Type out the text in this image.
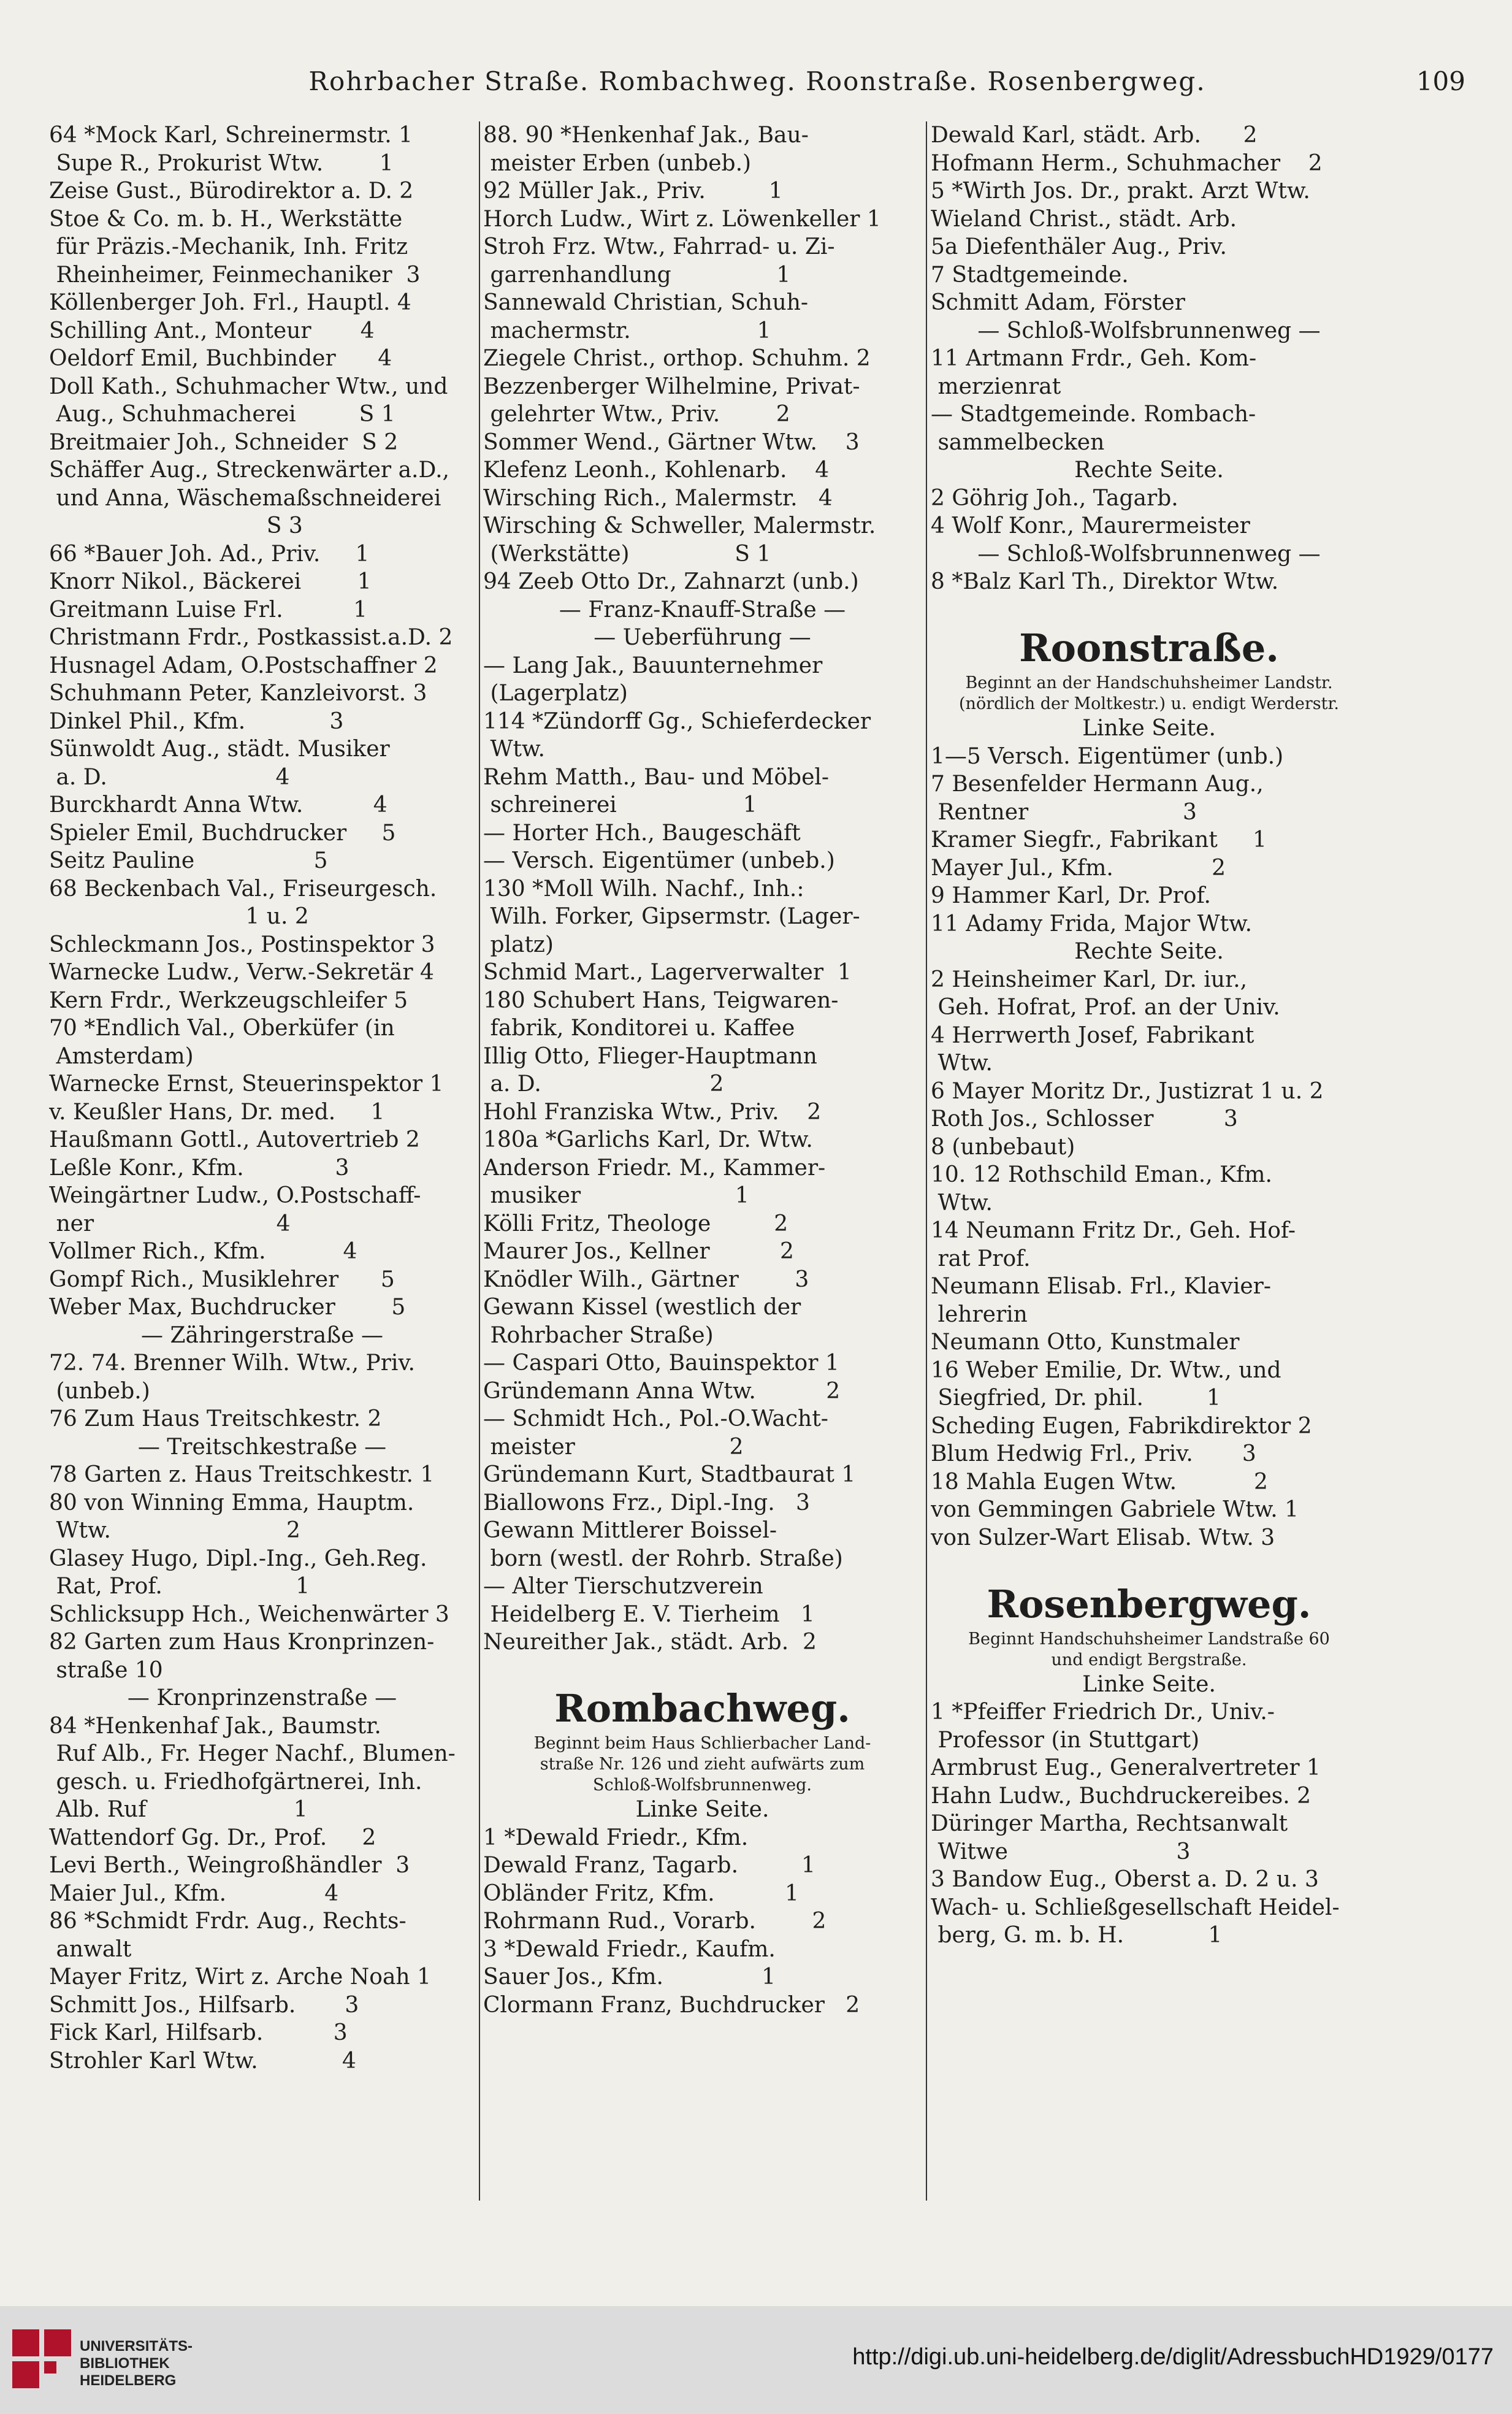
Rohrbacher Straße. Rombachweg. Roonstraße. Rosenbergweg.	109
64 *Mock Karl, Schreinermstr. 1
Supe R., Prokurist Wtw.        1
Zeise Gust., Bürodirektor a. D. 2
Stoe & Co. m. b. H., Werkstätte
für Präzis.-Mechanik, Inh. Fritz
Rheinheimer, Feinmechaniker  3
Köllenberger Joh. Frl., Hauptl. 4
Schilling Ant., Monteur       4
Oeldorf Emil, Buchbinder      4
Doll Kath., Schuhmacher Wtw., und
Aug., Schuhmacherei         S 1
Breitmaier Joh., Schneider  S 2
Schäffer Aug., Streckenwärter a.D.,
und Anna, Wäschemaßschneiderei
S 3
66 *Bauer Joh. Ad., Priv.     1
Knorr Nikol., Bäckerei        1
Greitmann Luise Frl.          1
Christmann Frdr., Postkassist.a.D. 2
Husnagel Adam, O.Postschaffner 2
Schuhmann Peter, Kanzleivorst. 3
Dinkel Phil., Kfm.            3
Sünwoldt Aug., städt. Musiker
a. D.                        4
Burckhardt Anna Wtw.          4
Spieler Emil, Buchdrucker     5
Seitz Pauline                 5
68 Beckenbach Val., Friseurgesch.
1 u. 2
Schleckmann Jos., Postinspektor 3
Warnecke Ludw., Verw.-Sekretär 4
Kern Frdr., Werkzeugschleifer 5
70 *Endlich Val., Oberküfer (in
Amsterdam)
Warnecke Ernst, Steuerinspektor 1
v. Keußler Hans, Dr. med.     1
Haußmann Gottl., Autovertrieb 2
Leßle Konr., Kfm.             3
Weingärtner Ludw., O.Postschaff-
ner                          4
Vollmer Rich., Kfm.           4
Gompf Rich., Musiklehrer      5
Weber Max, Buchdrucker        5
— Zähringerstraße —
72. 74. Brenner Wilh. Wtw., Priv.
(unbeb.)
76 Zum Haus Treitschkestr. 2
— Treitschkestraße —
78 Garten z. Haus Treitschkestr. 1
80 von Winning Emma, Hauptm.
Wtw.                         2
Glasey Hugo, Dipl.-Ing., Geh.Reg.
Rat, Prof.                   1
Schlicksupp Hch., Weichenwärter 3
82 Garten zum Haus Kronprinzen-
straße 10
— Kronprinzenstraße —
84 *Henkenhaf Jak., Baumstr.
Ruf Alb., Fr. Heger Nachf., Blumen-
gesch. u. Friedhofgärtnerei, Inh.
Alb. Ruf                     1
Wattendorf Gg. Dr., Prof.     2
Levi Berth., Weingroßhändler  3
Maier Jul., Kfm.              4
86 *Schmidt Frdr. Aug., Rechts-
anwalt
Mayer Fritz, Wirt z. Arche Noah 1
Schmitt Jos., Hilfsarb.       3
Fick Karl, Hilfsarb.          3
Strohler Karl Wtw.            4
88. 90 *Henkenhaf Jak., Bau-
meister Erben (unbeb.)
92 Müller Jak., Priv.         1
Horch Ludw., Wirt z. Löwenkeller 1
Stroh Frz. Wtw., Fahrrad- u. Zi-
garrenhandlung               1
Sannewald Christian, Schuh-
machermstr.                  1
Ziegele Christ., orthop. Schuhm. 2
Bezzenberger Wilhelmine, Privat-
gelehrter Wtw., Priv.        2
Sommer Wend., Gärtner Wtw.    3
Klefenz Leonh., Kohlenarb.    4
Wirsching Rich., Malermstr.   4
Wirsching & Schweller, Malermstr.
(Werkstätte)               S 1
94 Zeeb Otto Dr., Zahnarzt (unb.)
— Franz-Knauff-Straße —
— Ueberführung —
— Lang Jak., Bauunternehmer
(Lagerplatz)
114 *Zündorff Gg., Schieferdecker
Wtw.
Rehm Matth., Bau- und Möbel-
schreinerei                  1
— Horter Hch., Baugeschäft
— Versch. Eigentümer (unbeb.)
130 *Moll Wilh. Nachf., Inh.:
Wilh. Forker, Gipsermstr. (Lager-
platz)
Schmid Mart., Lagerverwalter  1
180 Schubert Hans, Teigwaren-
fabrik, Konditorei u. Kaffee
Illig Otto, Flieger-Hauptmann
a. D.                        2
Hohl Franziska Wtw., Priv.    2
180a *Garlichs Karl, Dr. Wtw.
Anderson Friedr. M., Kammer-
musiker                      1
Kölli Fritz, Theologe         2
Maurer Jos., Kellner          2
Knödler Wilh., Gärtner        3
Gewann Kissel (westlich der
Rohrbacher Straße)
— Caspari Otto, Bauinspektor 1
Gründemann Anna Wtw.          2
— Schmidt Hch., Pol.-O.Wacht-
meister                      2
Gründemann Kurt, Stadtbaurat 1
Biallowons Frz., Dipl.-Ing.   3
Gewann Mittlerer Boissel-
born (westl. der Rohrb. Straße)
— Alter Tierschutzverein
Heidelberg E. V. Tierheim   1
Neureither Jak., städt. Arb.  2

Rombachweg.
Beginnt beim Haus Schlierbacher Land-
straße Nr. 126 und zieht aufwärts zum
Schloß-Wolfsbrunnenweg.
Linke Seite.
1 *Dewald Friedr., Kfm.
Dewald Franz, Tagarb.         1
Obländer Fritz, Kfm.          1
Rohrmann Rud., Vorarb.        2
3 *Dewald Friedr., Kaufm.
Sauer Jos., Kfm.              1
Clormann Franz, Buchdrucker   2
Dewald Karl, städt. Arb.      2
Hofmann Herm., Schuhmacher    2
5 *Wirth Jos. Dr., prakt. Arzt Wtw.
Wieland Christ., städt. Arb.
5a Diefenthäler Aug., Priv.
7 Stadtgemeinde.
Schmitt Adam, Förster
— Schloß-Wolfsbrunnenweg —
11 Artmann Frdr., Geh. Kom-
merzienrat
— Stadtgemeinde. Rombach-
sammelbecken
Rechte Seite.
2 Göhrig Joh., Tagarb.
4 Wolf Konr., Maurermeister
— Schloß-Wolfsbrunnenweg —
8 *Balz Karl Th., Direktor Wtw.

Roonstraße.
Beginnt an der Handschuhsheimer Landstr.
(nördlich der Moltkestr.) u. endigt Werderstr.
Linke Seite.
1—5 Versch. Eigentümer (unb.)
7 Besenfelder Hermann Aug.,
Rentner                      3
Kramer Siegfr., Fabrikant     1
Mayer Jul., Kfm.              2
9 Hammer Karl, Dr. Prof.
11 Adamy Frida, Major Wtw.
Rechte Seite.
2 Heinsheimer Karl, Dr. iur.,
Geh. Hofrat, Prof. an der Univ.
4 Herrwerth Josef, Fabrikant
Wtw.
6 Mayer Moritz Dr., Justizrat 1 u. 2
Roth Jos., Schlosser          3
8 (unbebaut)
10. 12 Rothschild Eman., Kfm.
Wtw.
14 Neumann Fritz Dr., Geh. Hof-
rat Prof.
Neumann Elisab. Frl., Klavier-
lehrerin
Neumann Otto, Kunstmaler
16 Weber Emilie, Dr. Wtw., und
Siegfried, Dr. phil.         1
Scheding Eugen, Fabrikdirektor 2
Blum Hedwig Frl., Priv.       3
18 Mahla Eugen Wtw.           2
von Gemmingen Gabriele Wtw. 1
von Sulzer-Wart Elisab. Wtw. 3

Rosenbergweg.
Beginnt Handschuhsheimer Landstraße 60
und endigt Bergstraße.
Linke Seite.
1 *Pfeiffer Friedrich Dr., Univ.-
Professor (in Stuttgart)
Armbrust Eug., Generalvertreter 1
Hahn Ludw., Buchdruckereibes. 2
Düringer Martha, Rechtsanwalt
Witwe                        3
3 Bandow Eug., Oberst a. D. 2 u. 3
Wach- u. Schließgesellschaft Heidel-
berg, G. m. b. H.            1
UNIVERSITÄTS-
BIBLIOTHEK
HEIDELBERG
http://digi.ub.uni-heidelberg.de/diglit/AdressbuchHD1929/0177
